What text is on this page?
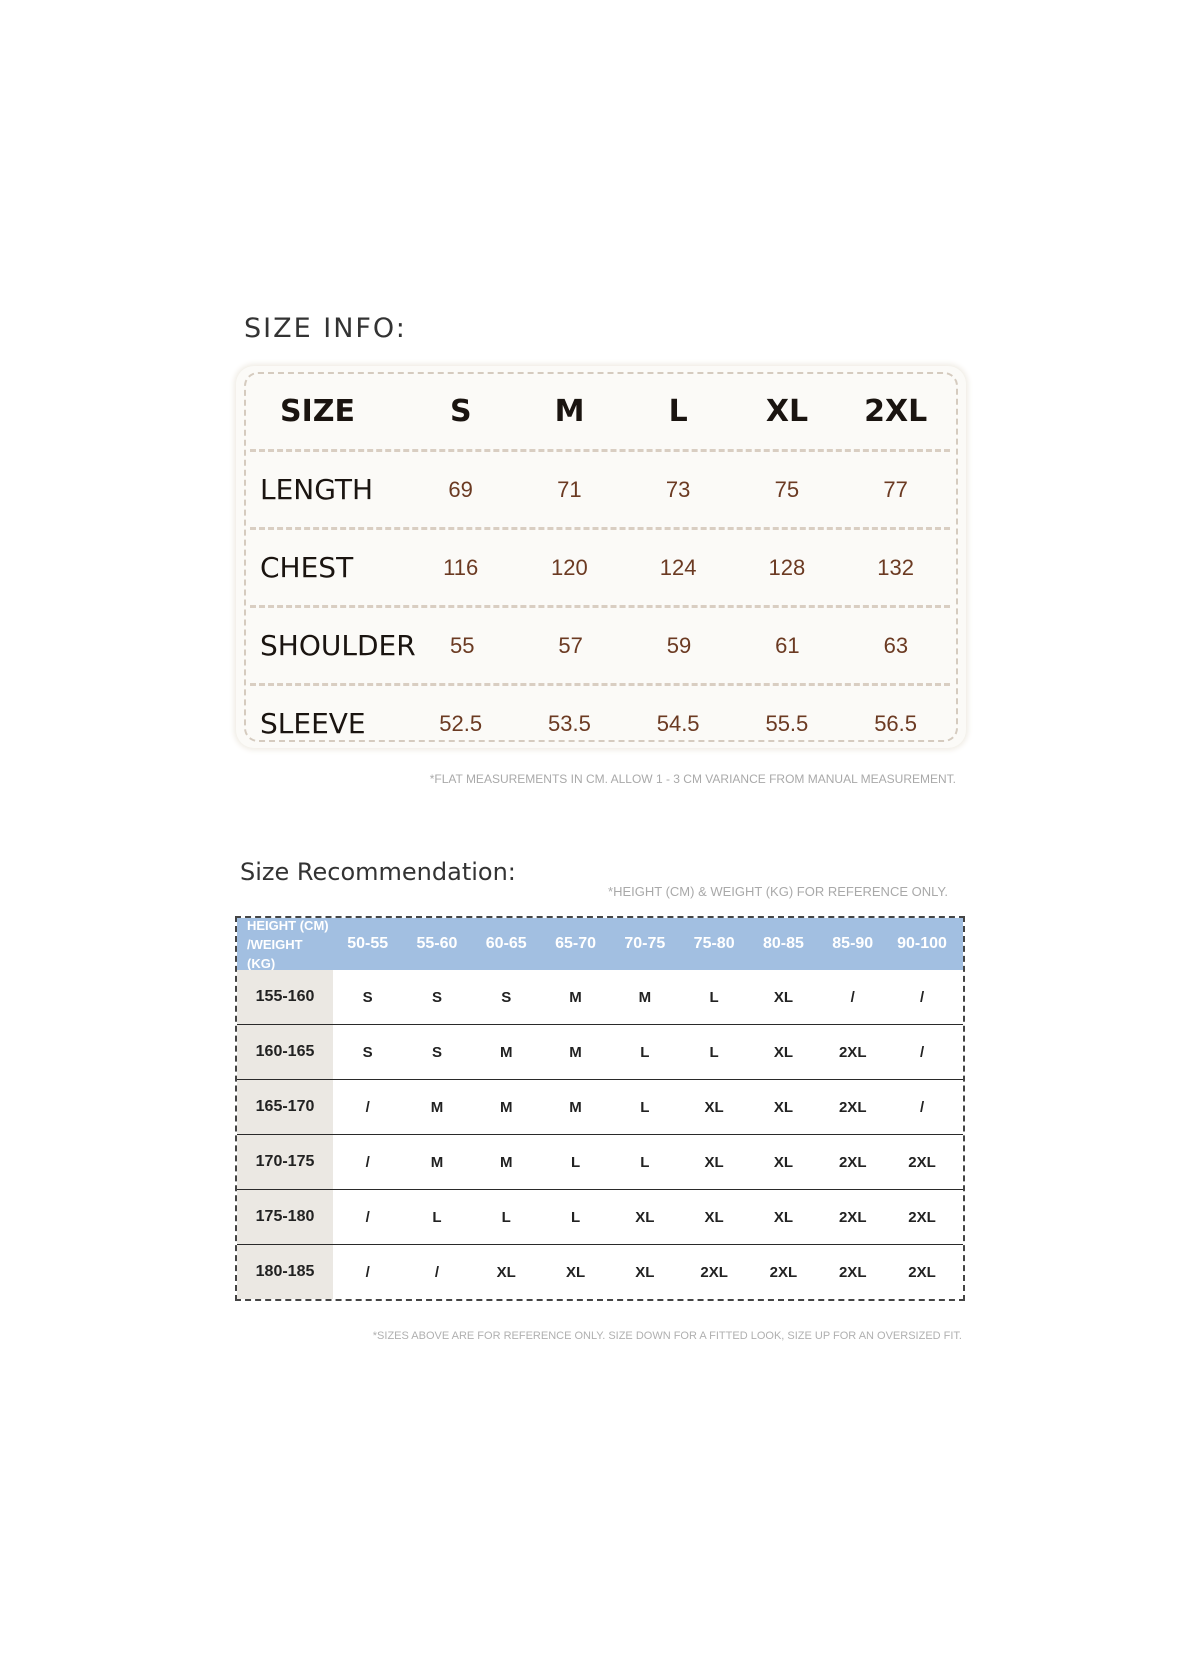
SIZE INFO:
SIZE	S	M	L	XL	2XL
LENGTH	69	71	73	75	77
CHEST	116	120	124	128	132
SHOULDER	55	57	59	61	63
SLEEVE	52.5	53.5	54.5	55.5	56.5
*FLAT MEASUREMENTS IN CM. ALLOW 1 - 3 CM VARIANCE FROM MANUAL MEASUREMENT.
Size Recommendation:
*HEIGHT (CM) & WEIGHT (KG) FOR REFERENCE ONLY.
HEIGHT (CM)
/WEIGHT (KG)
50-55	55-60	60-65	65-70	70-75	75-80	80-85	85-90	90-100
155-160	S	S	S	M	M	L	XL	/	/
160-165	S	S	M	M	L	L	XL	2XL	/
165-170	/	M	M	M	L	XL	XL	2XL	/
170-175	/	M	M	L	L	XL	XL	2XL	2XL
175-180	/	L	L	L	XL	XL	XL	2XL	2XL
180-185	/	/	XL	XL	XL	2XL	2XL	2XL	2XL
*SIZES ABOVE ARE FOR REFERENCE ONLY. SIZE DOWN FOR A FITTED LOOK, SIZE UP FOR AN OVERSIZED FIT.
